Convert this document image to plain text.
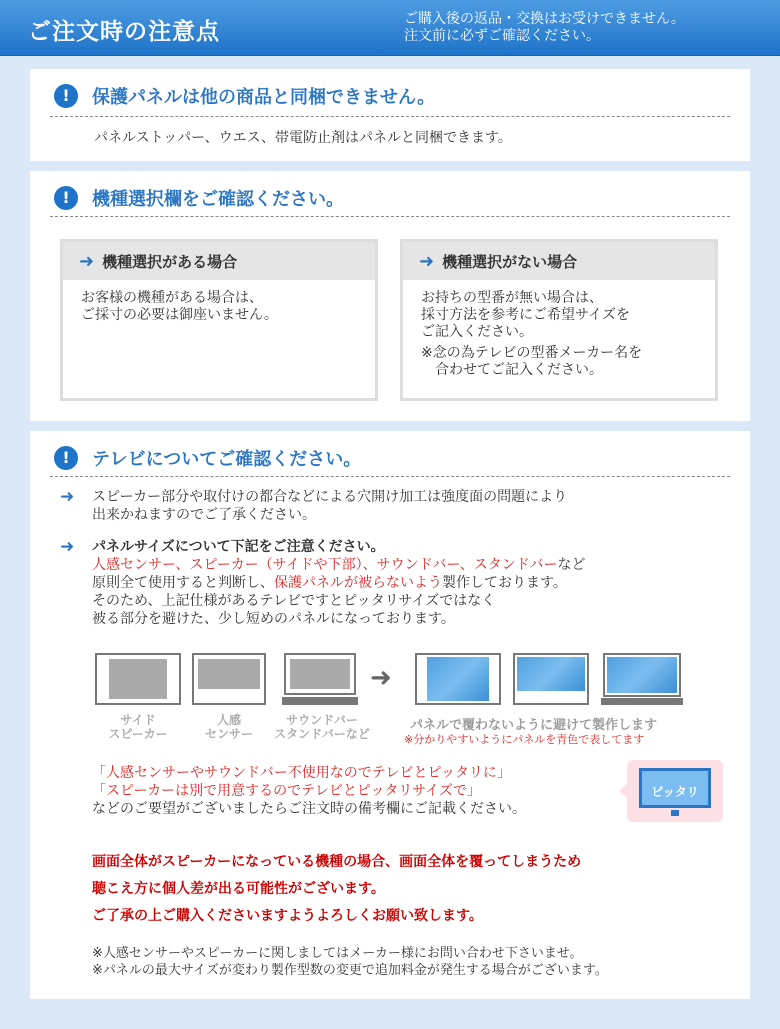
ご注文時の注意点	ご購入後の返品・交換はお受けできません。
注文前に必ずご確認ください。
!	保護パネルは他の商品と同梱できません。
パネルストッパー、ウエス、帯電防止剤はパネルと同梱できます。
!	機種選択欄をご確認ください。
➜ 機種選択がある場合
お客様の機種がある場合は、
ご採寸の必要は御座いません。
➜ 機種選択がない場合
お持ちの型番が無い場合は、
採寸方法を参考にご希望サイズを
ご記入ください。
※念の為テレビの型番メーカー名を
合わせてご記入ください。
!	テレビについてご確認ください。
➜ スピーカー部分や取付けの都合などによる穴開け加工は強度面の問題により
出来かねますのでご了承ください。
➜ パネルサイズについて下記をご注意ください。
人感センサー、スピーカー（サイドや下部）、サウンドバー、スタンドバーなど
原則全て使用すると判断し、保護パネルが被らないよう製作しております。
そのため、上記仕様があるテレビですとピッタリサイズではなく
被る部分を避けた、少し短めのパネルになっております。
サイド
スピーカー
人感
センサー
サウンドバー
スタンドバーなど
➜
パネルで覆わないように避けて製作します
※分かりやすいようにパネルを青色で表してます
「人感センサーやサウンドバー不使用なのでテレビとピッタリに」
「スピーカーは別で用意するのでテレビとピッタリサイズで」
などのご要望がございましたらご注文時の備考欄にご記載ください。
ピッタリ
画面全体がスピーカーになっている機種の場合、画面全体を覆ってしまうため
聴こえ方に個人差が出る可能性がございます。
ご了承の上ご購入くださいますようよろしくお願い致します。
※人感センサーやスピーカーに関しましてはメーカー様にお問い合わせ下さいませ。
※パネルの最大サイズが変わり製作型数の変更で追加料金が発生する場合がございます。
